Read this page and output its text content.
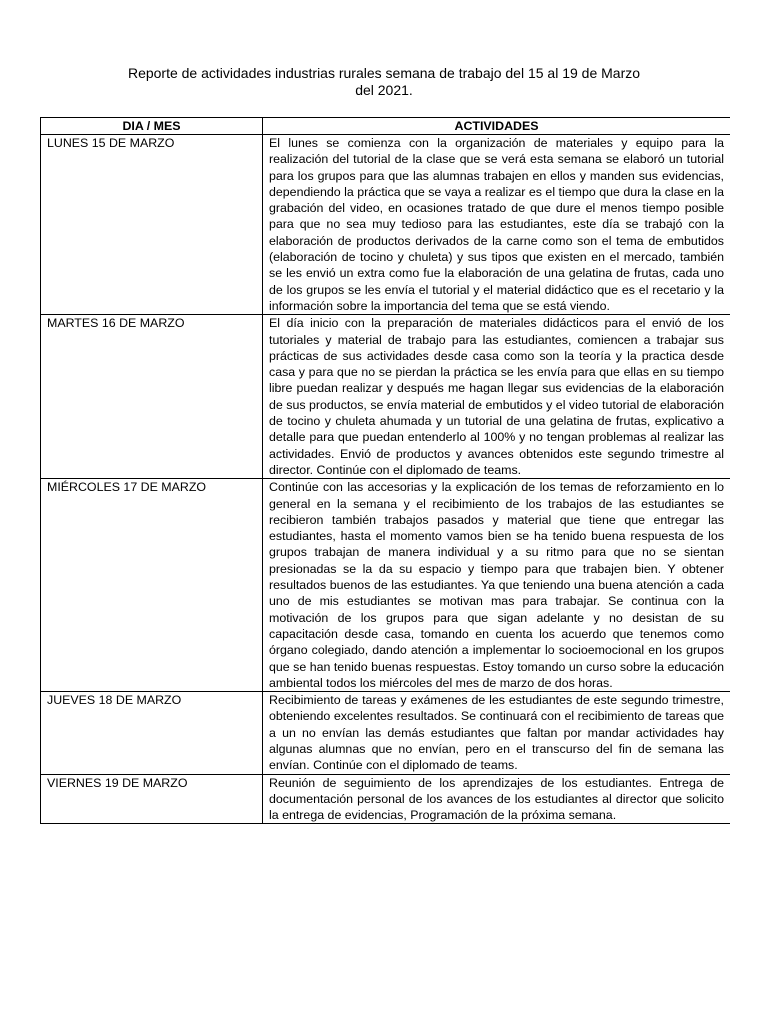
Reporte de actividades industrias rurales semana de trabajo del 15 al 19 de Marzo
del 2021.
DIA / MES	ACTIVIDADES
LUNES 15 DE MARZO	El lunes se comienza con la organización de materiales y equipo para la realización del tutorial de la clase que se verá esta semana se elaboró un tutorial para los grupos para que las alumnas trabajen en ellos y manden sus evidencias, dependiendo la práctica que se vaya a realizar es el tiempo que dura la clase en la grabación del video, en ocasiones tratado de que dure el menos tiempo posible para que no sea muy tedioso para las estudiantes, este día se trabajó con la elaboración de productos derivados de la carne como son el tema de embutidos (elaboración de tocino y chuleta) y sus tipos que existen en el mercado, también se les envió un extra como fue la elaboración de una gelatina de frutas, cada uno de los grupos se les envía el tutorial y el material didáctico que es el recetario y la información sobre la importancia del tema que se está viendo.
MARTES 16 DE MARZO	El día inicio con la preparación de materiales didácticos para el envió de los tutoriales y material de trabajo para las estudiantes, comiencen a trabajar sus prácticas de sus actividades desde casa como son la teoría y la practica desde casa y para que no se pierdan la práctica se les envía para que ellas en su tiempo libre puedan realizar y después me hagan llegar sus evidencias de la elaboración de sus productos, se envía material de embutidos y el video tutorial de elaboración de tocino y chuleta ahumada y un tutorial de una gelatina de frutas, explicativo a detalle para que puedan entenderlo al 100% y no tengan problemas al realizar las actividades. Envió de productos y avances obtenidos este segundo trimestre al director. Continúe con el diplomado de teams.
MIÉRCOLES 17 DE MARZO	Continúe con las accesorias y la explicación de los temas de reforzamiento en lo general en la semana y el recibimiento de los trabajos de las estudiantes se recibieron también trabajos pasados y material que tiene que entregar las estudiantes, hasta el momento vamos bien se ha tenido buena respuesta de los grupos trabajan de manera individual y a su ritmo para que no se sientan presionadas se la da su espacio y tiempo para que trabajen bien. Y obtener resultados buenos de las estudiantes. Ya que teniendo una buena atención a cada uno de mis estudiantes se motivan mas para trabajar. Se continua con la motivación de los grupos para que sigan adelante y no desistan de su capacitación desde casa, tomando en cuenta los acuerdo que tenemos como órgano colegiado, dando atención a implementar lo socioemocional en los grupos que se han tenido buenas respuestas. Estoy tomando un curso sobre la educación ambiental todos los miércoles del mes de marzo de dos horas.
JUEVES 18 DE MARZO	Recibimiento de tareas y exámenes de les estudiantes de este segundo trimestre, obteniendo excelentes resultados. Se continuará con el recibimiento de tareas que a un no envían las demás estudiantes que faltan por mandar actividades hay algunas alumnas que no envían, pero en el transcurso del fin de semana las envían. Continúe con el diplomado de teams.
VIERNES 19 DE MARZO	Reunión de seguimiento de los aprendizajes de los estudiantes. Entrega de documentación personal de los avances de los estudiantes al director que solicito la entrega de evidencias, Programación de la próxima semana.
